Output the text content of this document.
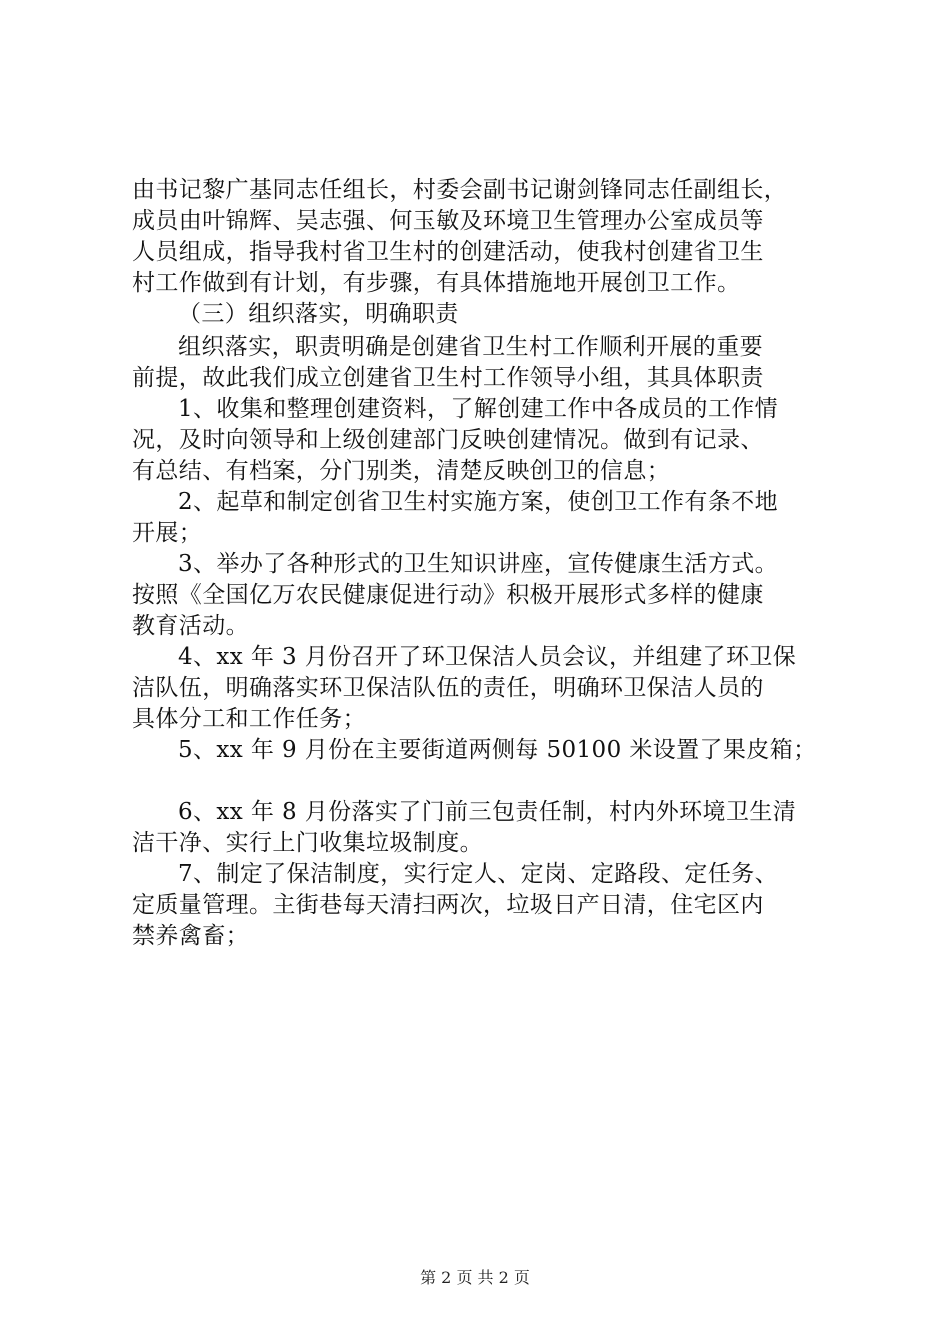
由书记黎广基同志任组长，村委会副书记谢剑锋同志任副组长，
成员由叶锦辉、吴志强、何玉敏及环境卫生管理办公室成员等
人员组成，指导我村省卫生村的创建活动，使我村创建省卫生
村工作做到有计划，有步骤，有具体措施地开展创卫工作。
（三）组织落实，明确职责
组织落实，职责明确是创建省卫生村工作顺利开展的重要
前提，故此我们成立创建省卫生村工作领导小组，其具体职责
1、收集和整理创建资料，了解创建工作中各成员的工作情
况，及时向领导和上级创建部门反映创建情况。做到有记录、
有总结、有档案，分门别类，清楚反映创卫的信息；
2、起草和制定创省卫生村实施方案，使创卫工作有条不地
开展；
3、举办了各种形式的卫生知识讲座，宣传健康生活方式。
按照《全国亿万农民健康促进行动》积极开展形式多样的健康
教育活动。
4、xx 年 3 月份召开了环卫保洁人员会议，并组建了环卫保
洁队伍，明确落实环卫保洁队伍的责任，明确环卫保洁人员的
具体分工和工作任务；
5、xx 年 9 月份在主要街道两侧每 50100 米设置了果皮箱；
6、xx 年 8 月份落实了门前三包责任制，村内外环境卫生清
洁干净、实行上门收集垃圾制度。
7、制定了保洁制度，实行定人、定岗、定路段、定任务、
定质量管理。主街巷每天清扫两次，垃圾日产日清，住宅区内
禁养禽畜；
第 2 页 共 2 页
